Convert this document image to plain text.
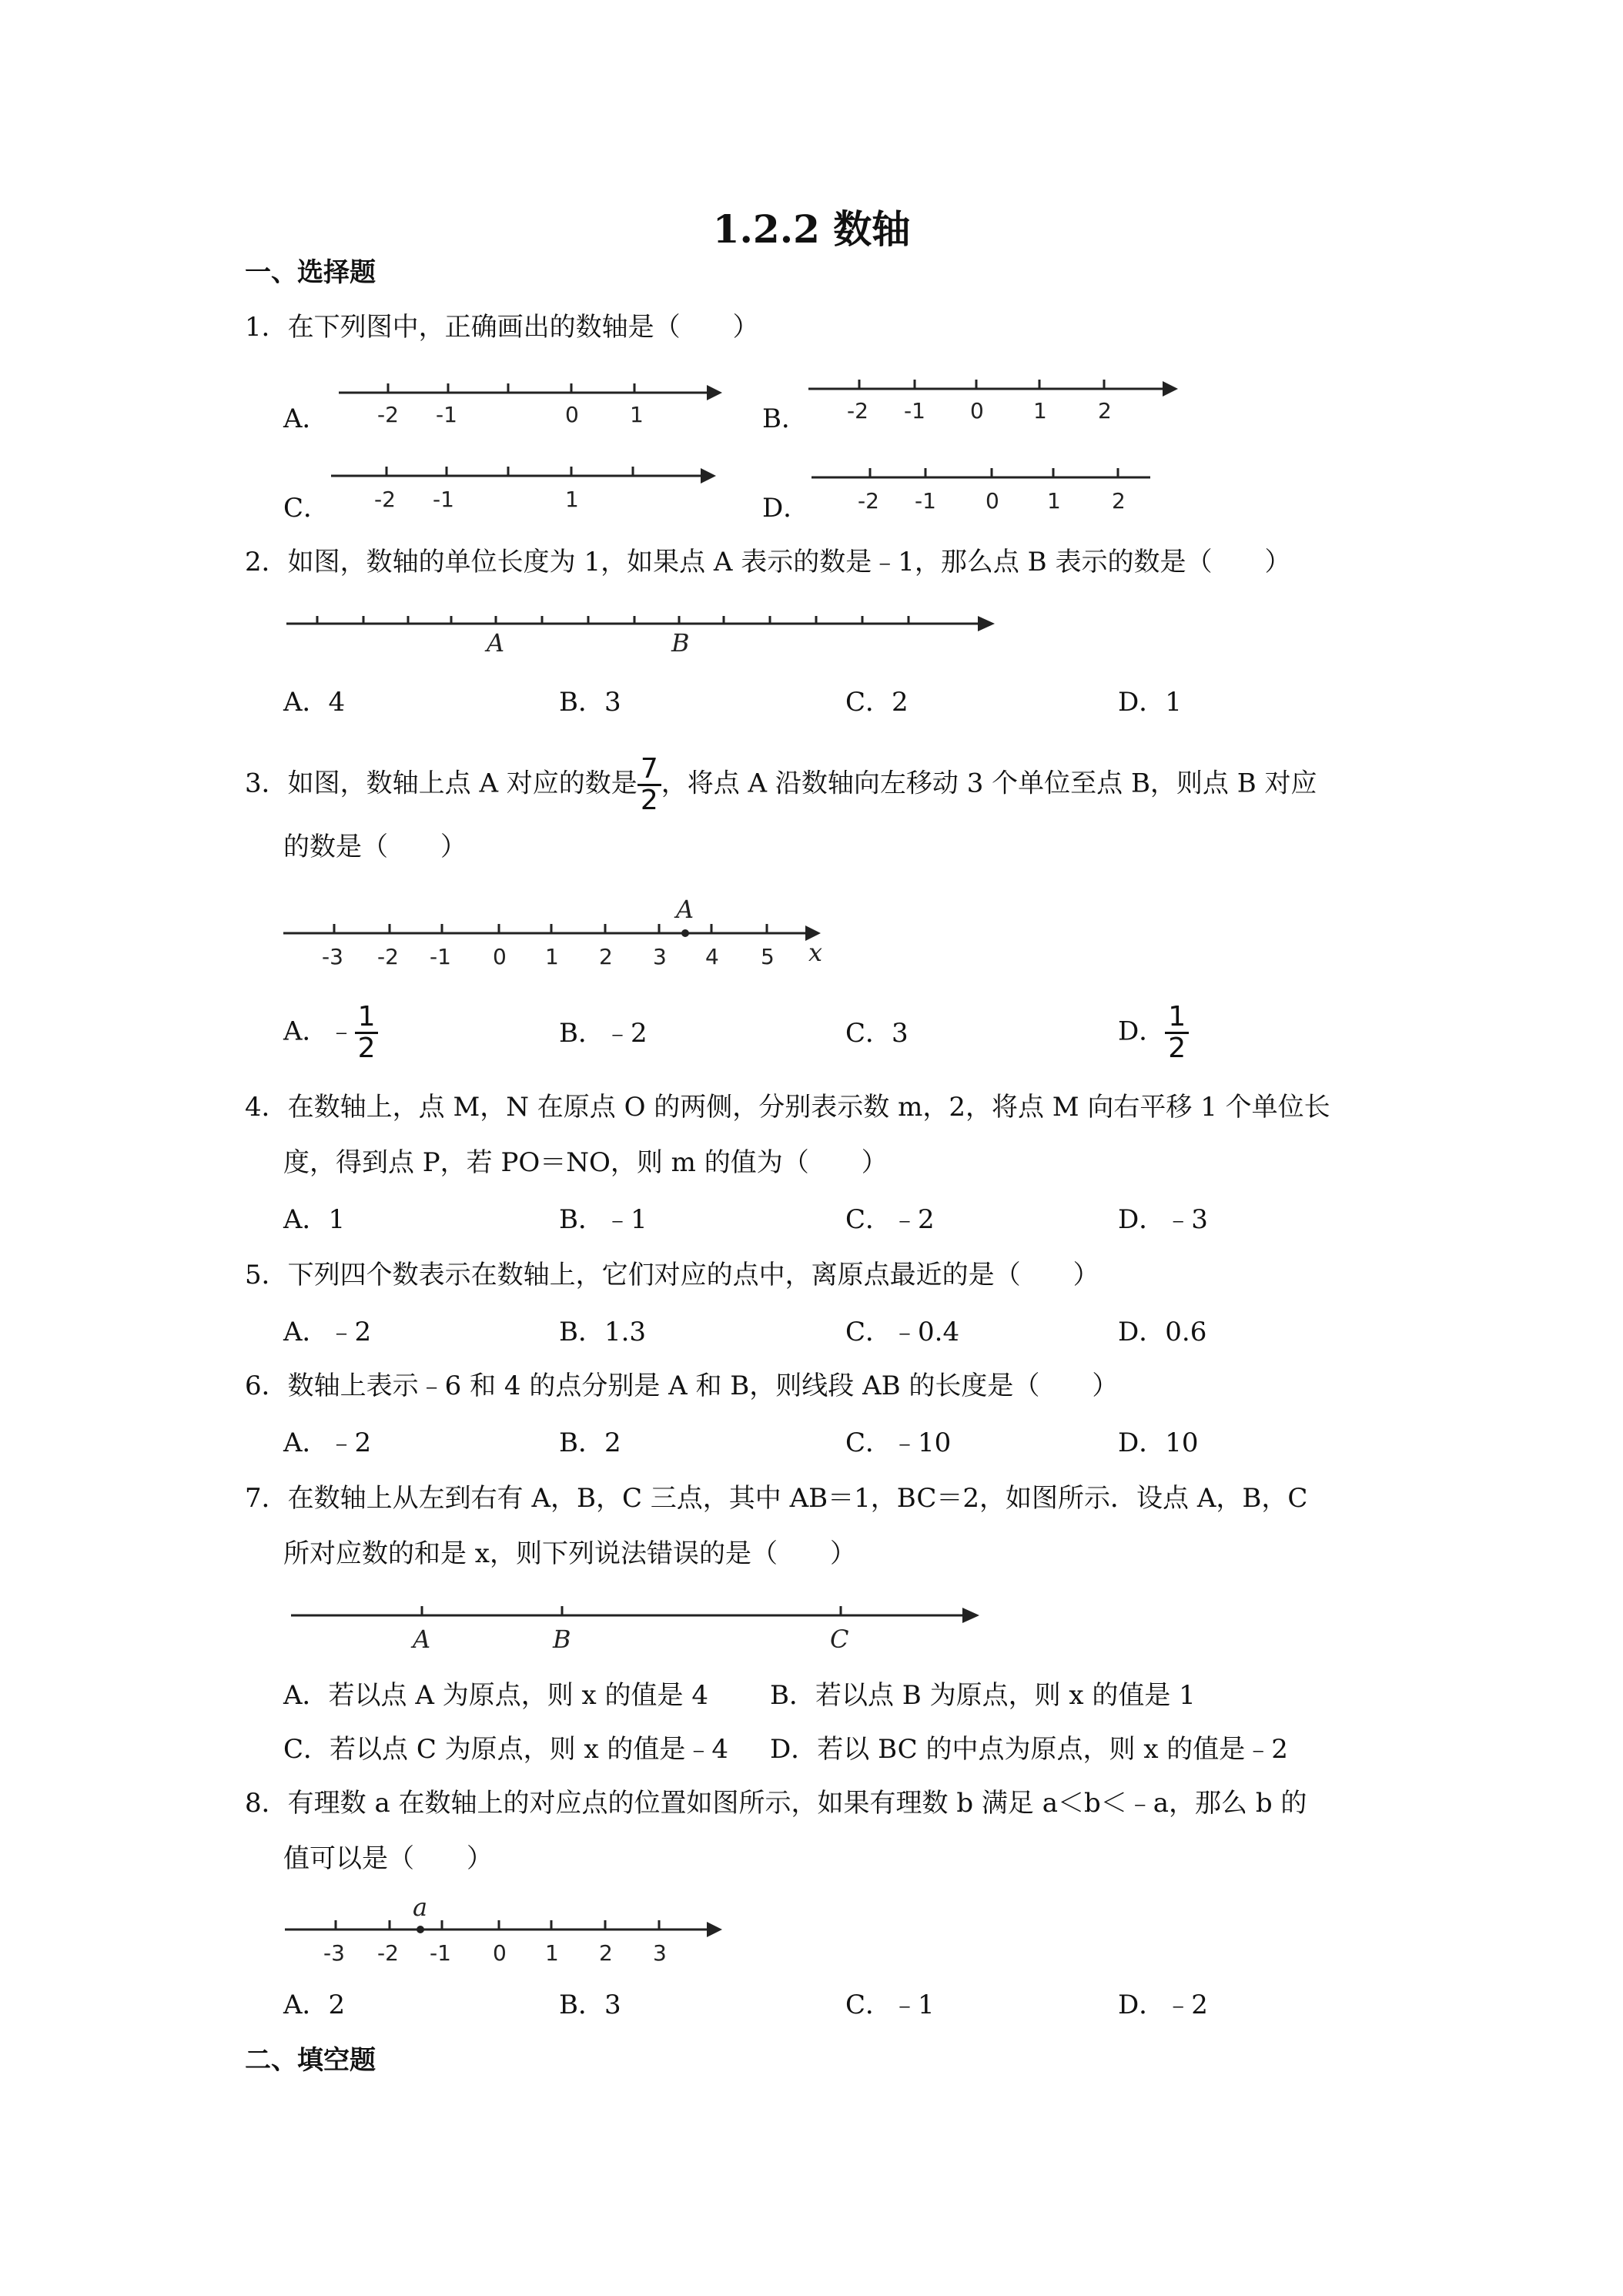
1.2.2 数轴
一、选择题
1．在下列图中，正确画出的数轴是（　　）
A．	B．
C．	D．
-2 -1	0 1	-2 -1 0 1 2
-2 -1	1	-2 -1 0 1 2
A	B
A
-3 -2 -1 0 1 2 3 4 5 x
A	B	C
a
-3 -2 -1 0 1 2 3
2．如图，数轴的单位长度为 1，如果点 A 表示的数是﹣1，那么点 B 表示的数是（　　）
A．4	B．3	C．2	D．1
3．如图，数轴上点 A 对应的数是 $\frac{7}{2}$ ，将点 A 沿数轴向左移动 3 个单位至点 B，则点 B 对应
的数是（　　）
A．﹣ $\frac{1}{2}$	B．﹣2	C．3	D． $\frac{1}{2}$
4．在数轴上，点 M，N 在原点 O 的两侧，分别表示数 m，2，将点 M 向右平移 1 个单位长
度，得到点 P，若 PO＝NO，则 m 的值为（　　）
A．1	B．﹣1	C．﹣2	D．﹣3
5．下列四个数表示在数轴上，它们对应的点中，离原点最近的是（　　）
A．﹣2	B．1.3	C．﹣0.4	D．0.6
6．数轴上表示﹣6 和 4 的点分别是 A 和 B，则线段 AB 的长度是（　　）
A．﹣2	B．2	C．﹣10	D．10
7．在数轴上从左到右有 A，B，C 三点，其中 AB＝1，BC＝2，如图所示．设点 A，B，C
所对应数的和是 x，则下列说法错误的是（　　）
A．若以点 A 为原点，则 x 的值是 4 B．若以点 B 为原点，则 x 的值是 1
C．若以点 C 为原点，则 x 的值是﹣4 D．若以 BC 的中点为原点，则 x 的值是﹣2
8．有理数 a 在数轴上的对应点的位置如图所示，如果有理数 b 满足 a＜b＜﹣a，那么 b 的
值可以是（　　）
A．2	B．3	C．﹣1	D．﹣2
二、填空题
